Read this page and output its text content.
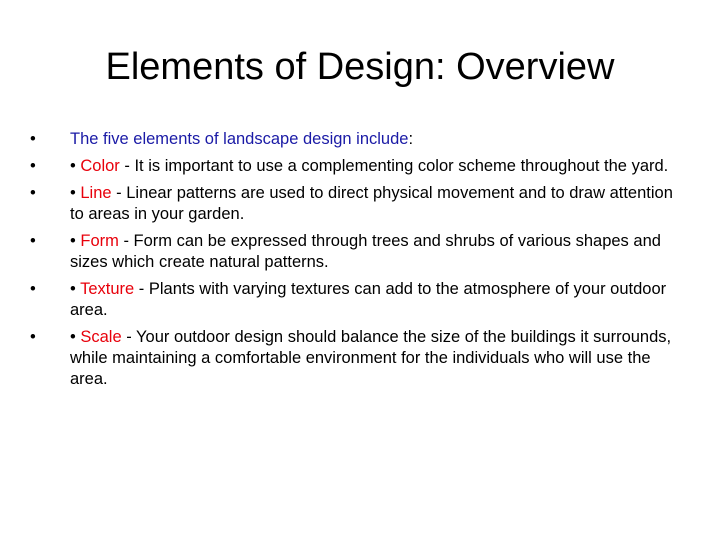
Elements of Design: Overview
•	The five elements of landscape design include:
•	• Color - It is important to use a complementing color scheme throughout the yard.
•	• Line - Linear patterns are used to direct physical movement and to draw attention to areas in your garden.
•	• Form - Form can be expressed through trees and shrubs of various shapes and sizes which create natural patterns.
•	• Texture - Plants with varying textures can add to the atmosphere of your outdoor area.
•	• Scale - Your outdoor design should balance the size of the buildings it surrounds, while maintaining a comfortable environment for the individuals who will use the area.
